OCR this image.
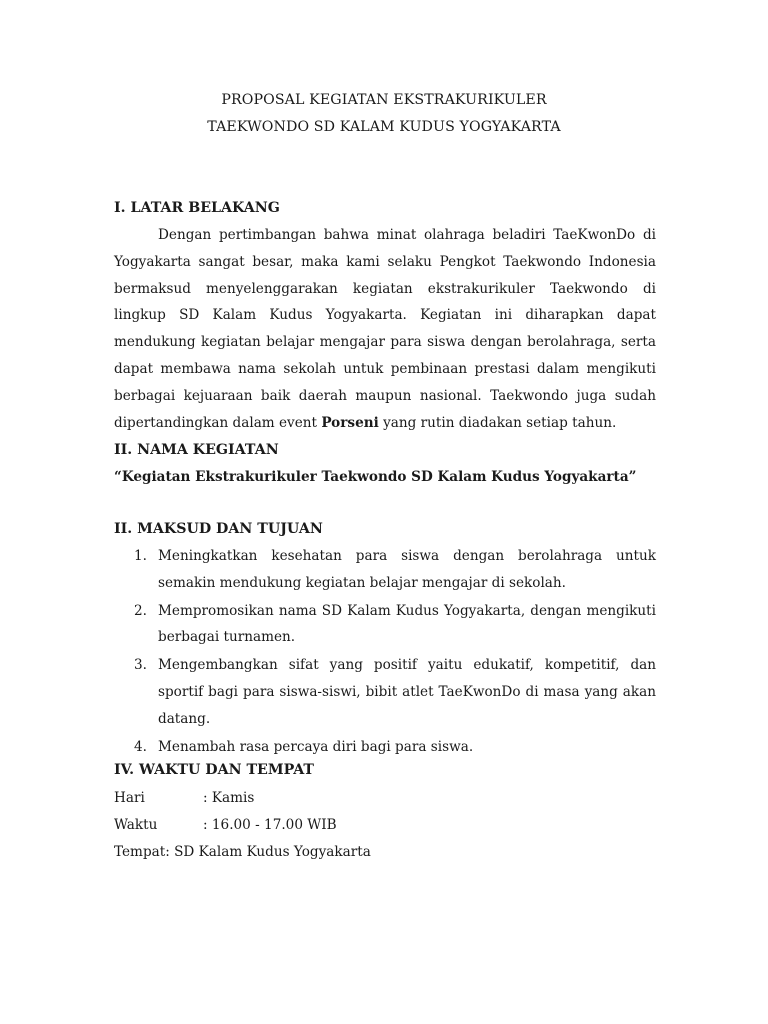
PROPOSAL KEGIATAN EKSTRAKURIKULER
TAEKWONDO SD KALAM KUDUS YOGYAKARTA
I. LATAR BELAKANG
Dengan pertimbangan bahwa minat olahraga beladiri TaeKwonDo di Yogyakarta sangat besar, maka kami selaku Pengkot Taekwondo Indonesia bermaksud menyelenggarakan kegiatan ekstrakurikuler Taekwondo di lingkup SD Kalam Kudus Yogyakarta. Kegiatan ini diharapkan dapat mendukung kegiatan belajar mengajar para siswa dengan berolahraga, serta dapat membawa nama sekolah untuk pembinaan prestasi dalam mengikuti berbagai kejuaraan baik daerah maupun nasional. Taekwondo juga sudah dipertandingkan dalam event Porseni yang rutin diadakan setiap tahun.
II. NAMA KEGIATAN
“Kegiatan Ekstrakurikuler Taekwondo SD Kalam Kudus Yogyakarta”
II. MAKSUD DAN TUJUAN
1. Meningkatkan kesehatan para siswa dengan berolahraga untuk semakin mendukung kegiatan belajar mengajar di sekolah.
2. Mempromosikan nama SD Kalam Kudus Yogyakarta, dengan mengikuti berbagai turnamen.
3. Mengembangkan sifat yang positif yaitu edukatif, kompetitif, dan sportif bagi para siswa-siswi, bibit atlet TaeKwonDo di masa yang akan datang.
4. Menambah rasa percaya diri bagi para siswa.
IV. WAKTU DAN TEMPAT
Hari	: Kamis
Waktu	: 16.00 - 17.00 WIB
Tempat: SD Kalam Kudus Yogyakarta
